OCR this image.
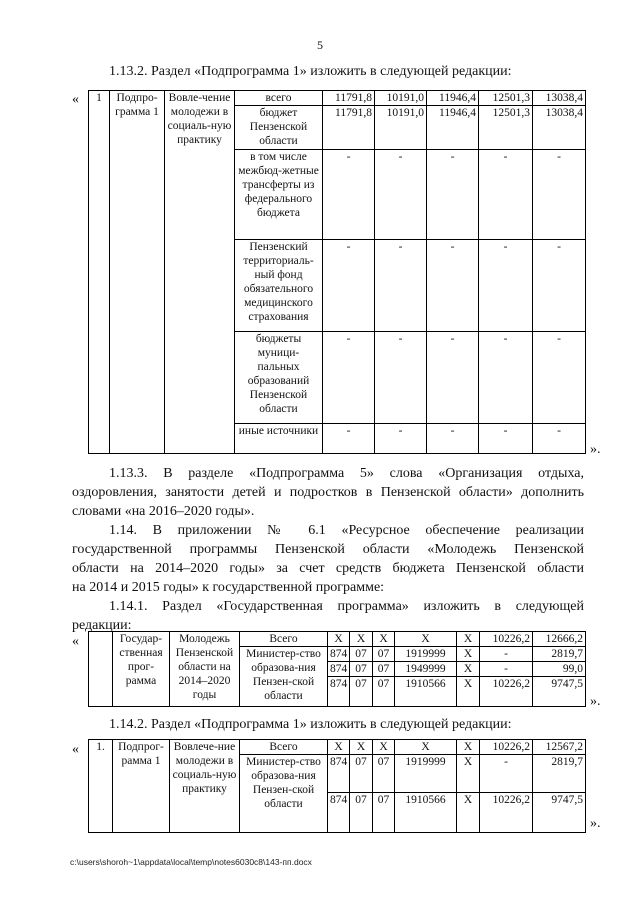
5
1.13.2. Раздел «Подпрограмма 1» изложить в следующей редакции:
« 1	Подпро-грамма 1	Вовле-чение молодежи в социаль-ную практику	всего	11791,8	10191,0	11946,4	12501,3	13038,4
			бюджет Пензенской области	11791,8	10191,0	11946,4	12501,3	13038,4
			в том числе межбюд-жетные трансферты из федерального бюджета	-	-	-	-	-
			Пензенский территориаль-ный фонд обязательного медицинского страхования	-	-	-	-	-
			бюджеты муници-пальных образований Пензенской области	-	-	-	-	-
			иные источники	-	-	-	-	-
».
1.13.3. В разделе «Подпрограмма 5» слова «Организация отдыха,
оздоровления, занятости детей и подростков в Пензенской области» дополнить
словами «на 2016–2020 годы».
1.14. В приложении № 6.1 «Ресурсное обеспечение реализации
государственной программы Пензенской области «Молодежь Пензенской
области на 2014–2020 годы» за счет средств бюджета Пензенской области
на 2014 и 2015 годы» к государственной программе:
1.14.1. Раздел «Государственная программа» изложить в следующей
редакции:
«
		Государ-ственная прог-рамма	Молодежь Пензенской области на 2014–2020 годы	Всего	X	X	X	X	X	10226,2	12666,2
			Министер-ство образова-ния Пензен-ской области	874	07	07	1919999	X	-	2819,7
				874	07	07	1949999	X	-	99,0
				874	07	07	1910566	X	10226,2	9747,5
».
1.14.2. Раздел «Подпрограмма 1» изложить в следующей редакции:
« 1.	Подпрог-рамма 1	Вовлече-ние молодежи в социаль-ную практику	Всего	X	X	X	X	X	10226,2	12567,2
			Министер-ство образова-ния Пензен-ской области	874	07	07	1919999	X	-	2819,7
				874	07	07	1910566	X	10226,2	9747,5
».
c:\users\shoroh~1\appdata\local\temp\notes6030c8\143-пп.docx
